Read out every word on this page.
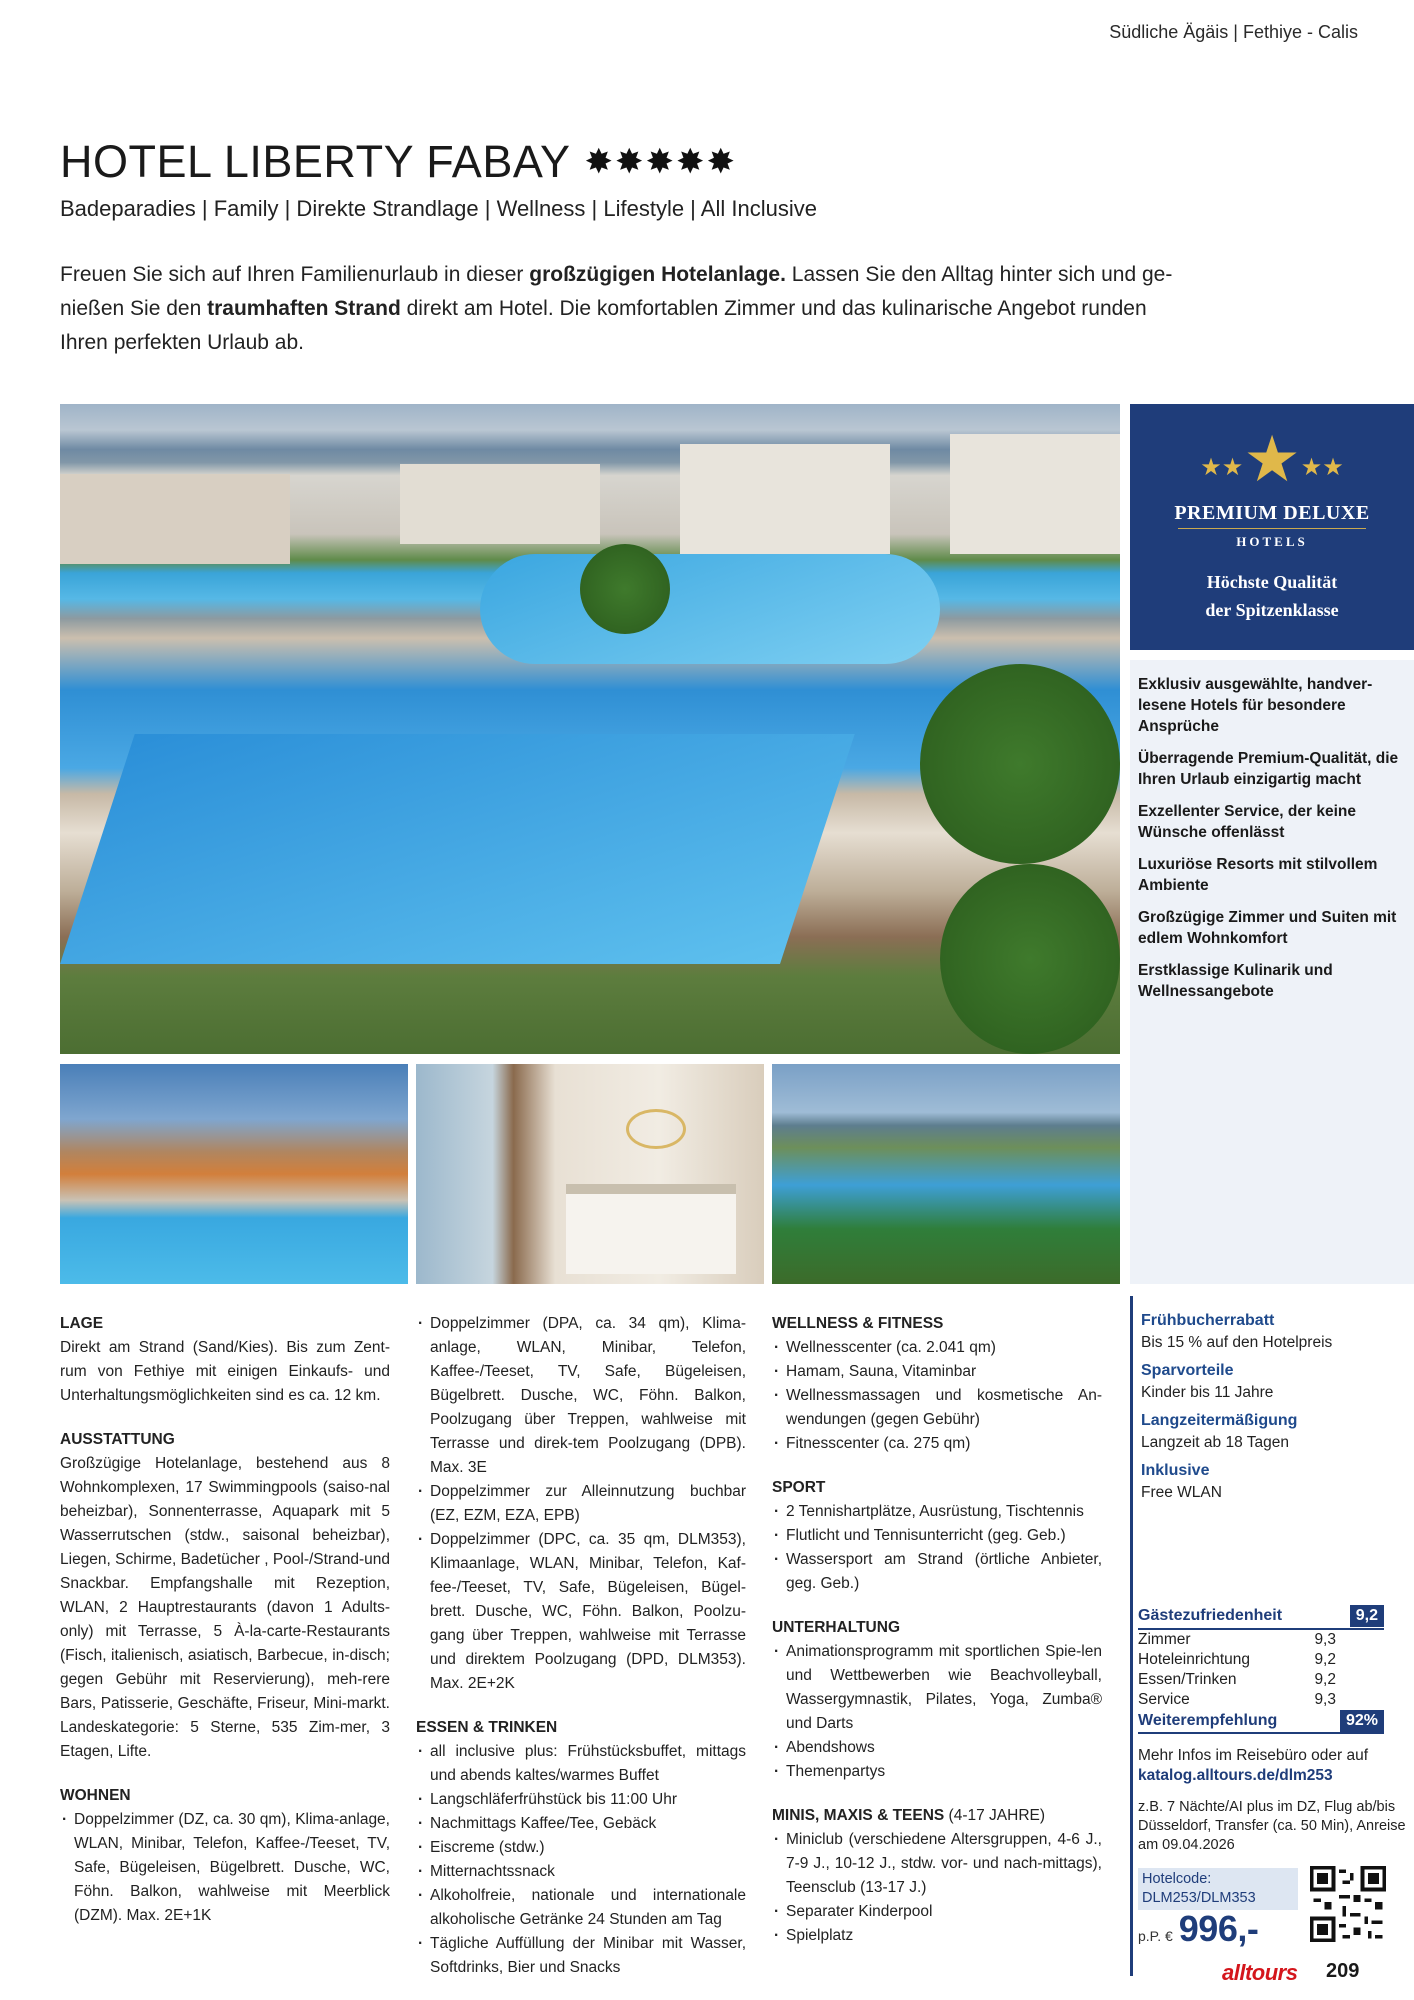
Südliche Ägäis | Fethiye - Calis
HOTEL LIBERTY FABAY ✸✸✸✸✸
Badeparadies | Family | Direkte Strandlage | Wellness | Lifestyle | All Inclusive

Freuen Sie sich auf Ihren Familienurlaub in dieser großzügigen Hotelanlage. Lassen Sie den Alltag hinter sich und ge-nießen Sie den traumhaften Strand direkt am Hotel. Die komfortablen Zimmer und das kulinarische Angebot runden Ihren perfekten Urlaub ab.

★★★★★
PREMIUM DELUXE
HOTELS
Höchste Qualität
der Spitzenklasse

Exklusiv ausgewählte, handver-lesene Hotels für besondere Ansprüche

Überragende Premium-Qualität, die Ihren Urlaub einzigartig macht

Exzellenter Service, der keine Wünsche offenlässt

Luxuriöse Resorts mit stilvollem Ambiente

Großzügige Zimmer und Suiten mit edlem Wohnkomfort

Erstklassige Kulinarik und Wellnessangebote

LAGE

Direkt am Strand (Sand/Kies). Bis zum Zent-rum von Fethiye mit einigen Einkaufs- und Unterhaltungsmöglichkeiten sind es ca. 12 km.

AUSSTATTUNG

Großzügige Hotelanlage, bestehend aus 8 Wohnkomplexen, 17 Swimmingpools (saiso-nal beheizbar), Sonnenterrasse, Aquapark mit 5 Wasserrutschen (stdw., saisonal beheizbar), Liegen, Schirme, Badetücher , Pool-/Strand-und Snackbar. Empfangshalle mit Rezeption, WLAN, 2 Hauptrestaurants (davon 1 Adults-only) mit Terrasse, 5 À-la-carte-Restaurants (Fisch, italienisch, asiatisch, Barbecue, in-disch; gegen Gebühr mit Reservierung), meh-rere Bars, Patisserie, Geschäfte, Friseur, Mini-markt. Landeskategorie: 5 Sterne, 535 Zim-mer, 3 Etagen, Lifte.

WOHNEN
· Doppelzimmer (DZ, ca. 30 qm), Klima-anlage, WLAN, Minibar, Telefon, Kaffee-/Teeset, TV, Safe, Bügeleisen, Bügelbrett. Dusche, WC, Föhn. Balkon, wahlweise mit Meerblick (DZM). Max. 2E+1K
· Doppelzimmer (DPA, ca. 34 qm), Klima-anlage, WLAN, Minibar, Telefon, Kaffee-/Teeset, TV, Safe, Bügeleisen, Bügelbrett. Dusche, WC, Föhn. Balkon, Poolzugang über Treppen, wahlweise mit Terrasse und direk-tem Poolzugang (DPB). Max. 3E
· Doppelzimmer zur Alleinnutzung buchbar (EZ, EZM, EZA, EPB)
· Doppelzimmer (DPC, ca. 35 qm, DLM353), Klimaanlage, WLAN, Minibar, Telefon, Kaf-fee-/Teeset, TV, Safe, Bügeleisen, Bügel-brett. Dusche, WC, Föhn. Balkon, Poolzu-gang über Treppen, wahlweise mit Terrasse und direktem Poolzugang (DPD, DLM353). Max. 2E+2K
ESSEN & TRINKEN
· all inclusive plus: Frühstücksbuffet, mittags und abends kaltes/warmes Buffet
· Langschläferfrühstück bis 11:00 Uhr
· Nachmittags Kaffee/Tee, Gebäck
· Eiscreme (stdw.)
· Mitternachtssnack
· Alkoholfreie, nationale und internationale alkoholische Getränke 24 Stunden am Tag
· Tägliche Auffüllung der Minibar mit Wasser, Softdrinks, Bier und Snacks
WELLNESS & FITNESS
· Wellnesscenter (ca. 2.041 qm)
· Hamam, Sauna, Vitaminbar
· Wellnessmassagen und kosmetische An-wendungen (gegen Gebühr)
· Fitnesscenter (ca. 275 qm)
SPORT
· 2 Tennishartplätze, Ausrüstung, Tischtennis
· Flutlicht und Tennisunterricht (geg. Geb.)
· Wassersport am Strand (örtliche Anbieter, geg. Geb.)
UNTERHALTUNG
· Animationsprogramm mit sportlichen Spie-len und Wettbewerben wie Beachvolleyball, Wassergymnastik, Pilates, Yoga, Zumba® und Darts
· Abendshows
· Themenpartys
MINIS, MAXIS & TEENS (4-17 JAHRE)
· Miniclub (verschiedene Altersgruppen, 4-6 J., 7-9 J., 10-12 J., stdw. vor- und nach-mittags), Teensclub (13-17 J.)
· Separater Kinderpool
· Spielplatz
Frühbucherrabatt
Bis 15 % auf den Hotelpreis
Sparvorteile
Kinder bis 11 Jahre
Langzeitermäßigung
Langzeit ab 18 Tagen
Inklusive
Free WLAN
Gästezufriedenheit	9,2
Zimmer	9,3
Hoteleinrichtung	9,2
Essen/Trinken	9,2
Service	9,3
Weiterempfehlung	92%
Mehr Infos im Reisebüro oder auf
katalog.alltours.de/dlm253
z.B. 7 Nächte/AI plus im DZ, Flug ab/bis Düsseldorf, Transfer (ca. 50 Min), Anreise am 09.04.2026
Hotelcode:
DLM253/DLM353
p.P. € 996,-
alltours 209
